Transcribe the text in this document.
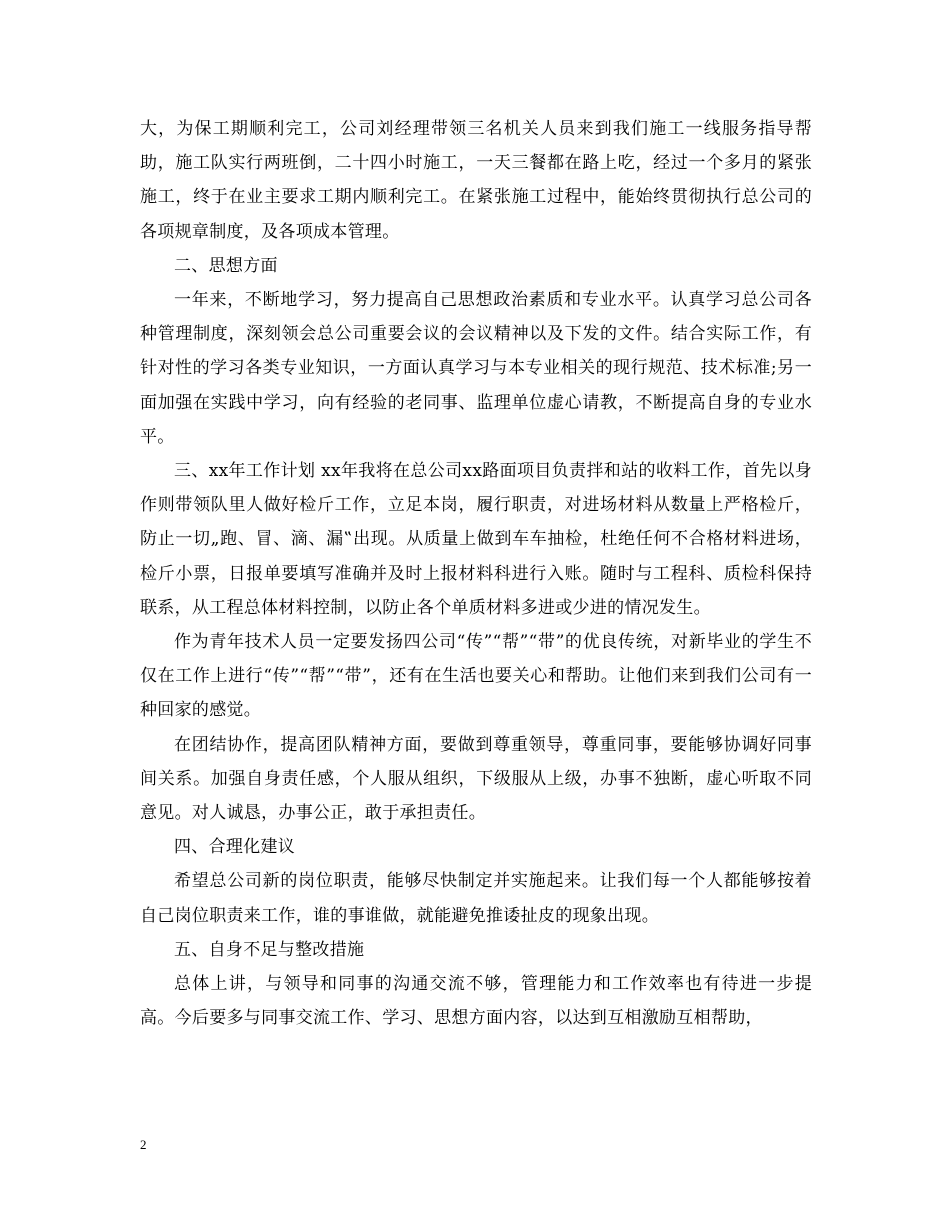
大，为保工期顺利完工，公司刘经理带领三名机关人员来到我们施工一线服务指导帮助，施工队实行两班倒，二十四小时施工，一天三餐都在路上吃，经过一个多月的紧张施工，终于在业主要求工期内顺利完工。在紧张施工过程中，能始终贯彻执行总公司的各项规章制度，及各项成本管理。

二、思想方面

一年来，不断地学习，努力提高自己思想政治素质和专业水平。认真学习总公司各种管理制度，深刻领会总公司重要会议的会议精神以及下发的文件。结合实际工作，有针对性的学习各类专业知识，一方面认真学习与本专业相关的现行规范、技术标准;另一面加强在实践中学习，向有经验的老同事、监理单位虚心请教，不断提高自身的专业水平。

三、xx年工作计划 xx年我将在总公司xx路面项目负责拌和站的收料工作，首先以身作则带领队里人做好检斤工作，立足本岗，履行职责，对进场材料从数量上严格检斤，防止一切„跑、冒、滴、漏‟出现。从质量上做到车车抽检，杜绝任何不合格材料进场，检斤小票，日报单要填写准确并及时上报材料科进行入账。随时与工程科、质检科保持联系，从工程总体材料控制，以防止各个单质材料多进或少进的情况发生。

作为青年技术人员一定要发扬四公司“传”“帮”“带”的优良传统，对新毕业的学生不仅在工作上进行“传”“帮”“带”，还有在生活也要关心和帮助。让他们来到我们公司有一种回家的感觉。

在团结协作，提高团队精神方面，要做到尊重领导，尊重同事，要能够协调好同事间关系。加强自身责任感，个人服从组织，下级服从上级，办事不独断，虚心听取不同意见。对人诚恳，办事公正，敢于承担责任。

四、合理化建议

希望总公司新的岗位职责，能够尽快制定并实施起来。让我们每一个人都能够按着自己岗位职责来工作，谁的事谁做，就能避免推诿扯皮的现象出现。

五、自身不足与整改措施

总体上讲，与领导和同事的沟通交流不够，管理能力和工作效率也有待进一步提高。今后要多与同事交流工作、学习、思想方面内容，以达到互相激励互相帮助，

2
